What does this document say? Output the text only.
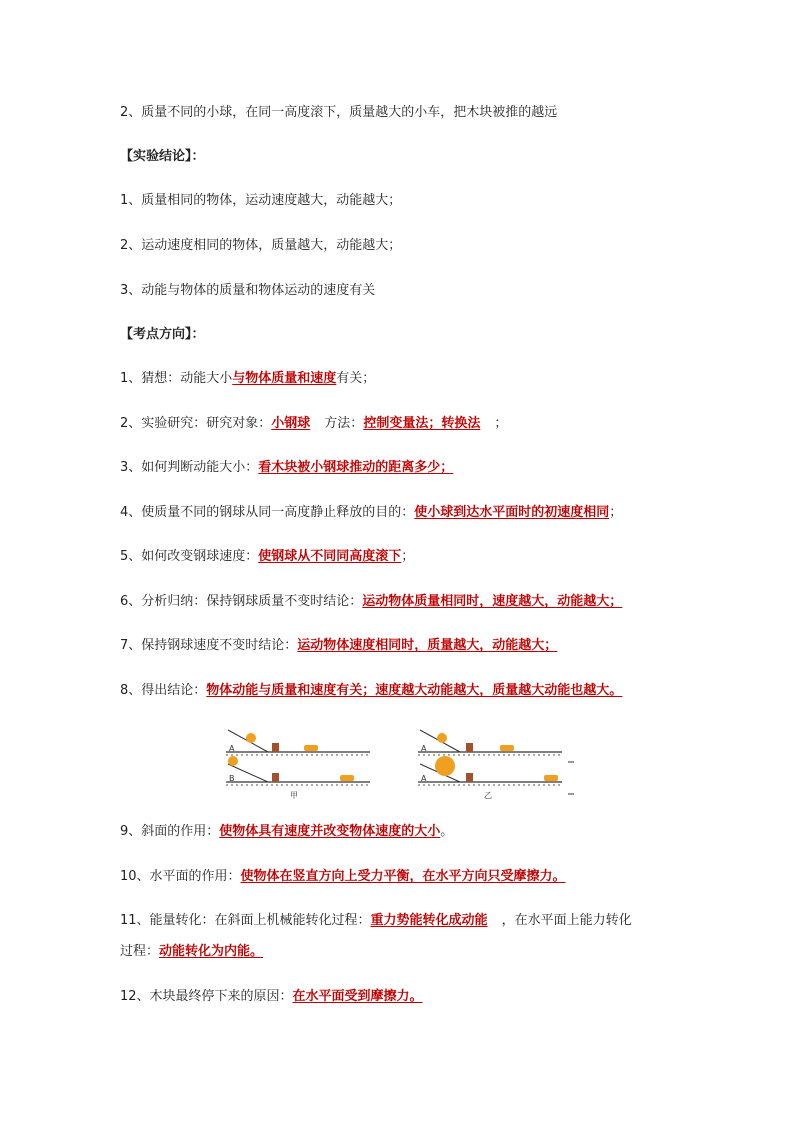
2、质量不同的小球，在同一高度滚下，质量越大的小车，把木块被推的越远
【实验结论】：
1、质量相同的物体，运动速度越大，动能越大；
2、运动速度相同的物体，质量越大，动能越大；
3、动能与物体的质量和物体运动的速度有关
【考点方向】：
1、猜想：动能大小与物体质量和速度有关；
2、实验研究：研究对象：小钢球 方法：控制变量法；转换法 ；
3、如何判断动能大小：看木块被小钢球推动的距离多少；
4、使质量不同的钢球从同一高度静止释放的目的：使小球到达水平面时的初速度相同；
5、如何改变钢球速度：使钢球从不同同高度滚下；
6、分析归纳：保持钢球质量不变时结论：运动物体质量相同时，速度越大，动能越大；
7、保持钢球速度不变时结论：运动物体速度相同时，质量越大，动能越大；
8、得出结论：物体动能与质量和速度有关；速度越大动能越大，质量越大动能也越大。
A
B
甲
A
A
乙
9、斜面的作用：使物体具有速度并改变物体速度的大小。
10、水平面的作用：使物体在竖直方向上受力平衡，在水平方向只受摩擦力。
11、能量转化：在斜面上机械能转化过程：重力势能转化成动能 ，在水平面上能力转化
过程：动能转化为内能。
12、木块最终停下来的原因：在水平面受到摩擦力。
